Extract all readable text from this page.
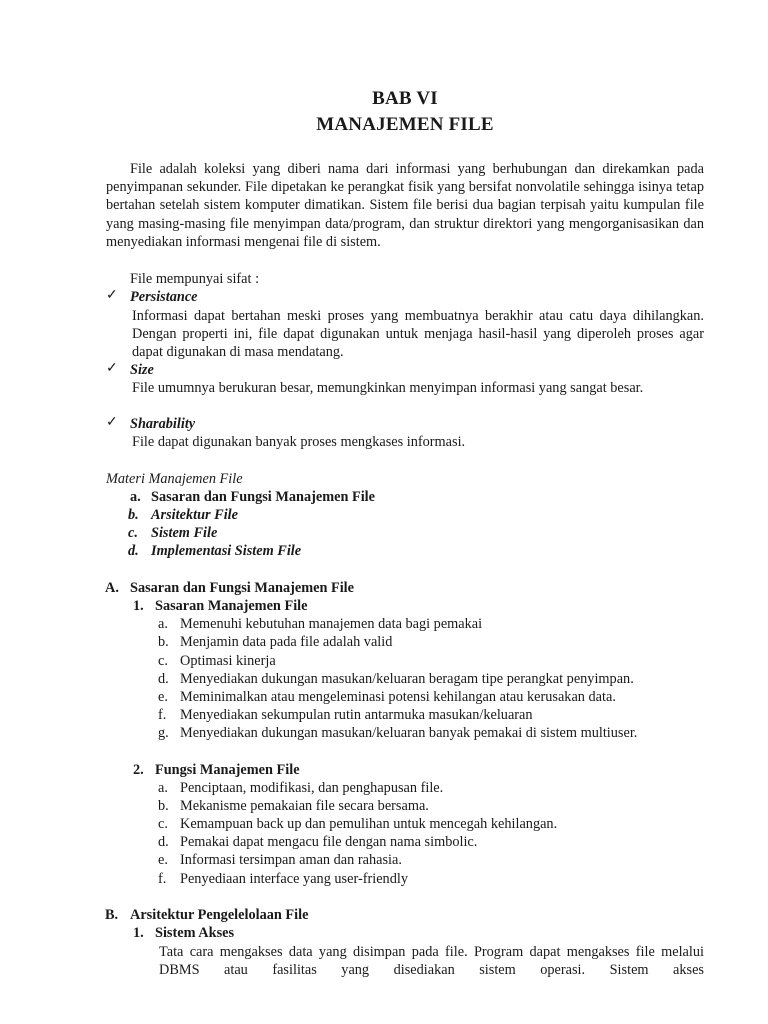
BAB VI
MANAJEMEN FILE

File adalah koleksi yang diberi nama dari informasi yang berhubungan dan direkamkan pada penyimpanan sekunder. File dipetakan ke perangkat fisik yang bersifat nonvolatile sehingga isinya tetap bertahan setelah sistem komputer dimatikan. Sistem file berisi dua bagian terpisah yaitu kumpulan file yang masing-masing file menyimpan data/program, dan struktur direktori yang mengorganisasikan dan menyediakan informasi mengenai file di sistem.

File mempunyai sifat :
✓ Persistance

Informasi dapat bertahan meski proses yang membuatnya berakhir atau catu daya dihilangkan. Dengan properti ini, file dapat digunakan untuk menjaga hasil-hasil yang diperoleh proses agar dapat digunakan di masa mendatang.

✓ Size

File umumnya berukuran besar, memungkinkan menyimpan informasi yang sangat besar.

✓ Sharability

File dapat digunakan banyak proses mengkases informasi.

Materi Manajemen File
a. Sasaran dan Fungsi Manajemen File
b. Arsitektur File
c. Sistem File
d. Implementasi Sistem File
A. Sasaran dan Fungsi Manajemen File
1. Sasaran Manajemen File
a. Memenuhi kebutuhan manajemen data bagi pemakai
b. Menjamin data pada file adalah valid
c. Optimasi kinerja
d. Menyediakan dukungan masukan/keluaran beragam tipe perangkat penyimpan.
e. Meminimalkan atau mengeleminasi potensi kehilangan atau kerusakan data.
f. Menyediakan sekumpulan rutin antarmuka masukan/keluaran
g. Menyediakan dukungan masukan/keluaran banyak pemakai di sistem multiuser.
2. Fungsi Manajemen File
a. Penciptaan, modifikasi, dan penghapusan file.
b. Mekanisme pemakaian file secara bersama.
c. Kemampuan back up dan pemulihan untuk mencegah kehilangan.
d. Pemakai dapat mengacu file dengan nama simbolic.
e. Informasi tersimpan aman dan rahasia.
f. Penyediaan interface yang user-friendly
B. Arsitektur Pengelelolaan File
1. Sistem Akses

Tata cara mengakses data yang disimpan pada file. Program dapat mengakses file melalui DBMS atau fasilitas yang disediakan sistem operasi. Sistem akses
